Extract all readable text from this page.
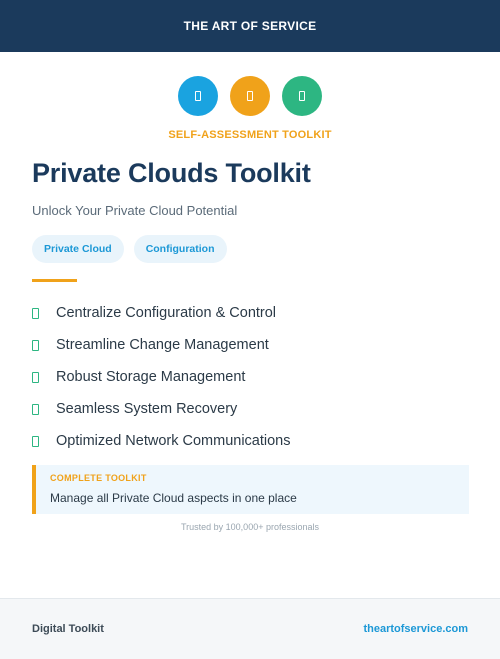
THE ART OF SERVICE
SELF-ASSESSMENT TOOLKIT
Private Clouds Toolkit
Unlock Your Private Cloud Potential
Private Cloud	Configuration
Centralize Configuration & Control
Streamline Change Management
Robust Storage Management
Seamless System Recovery
Optimized Network Communications
COMPLETE TOOLKIT
Manage all Private Cloud aspects in one place
Trusted by 100,000+ professionals
Digital Toolkit	theartofservice.com
